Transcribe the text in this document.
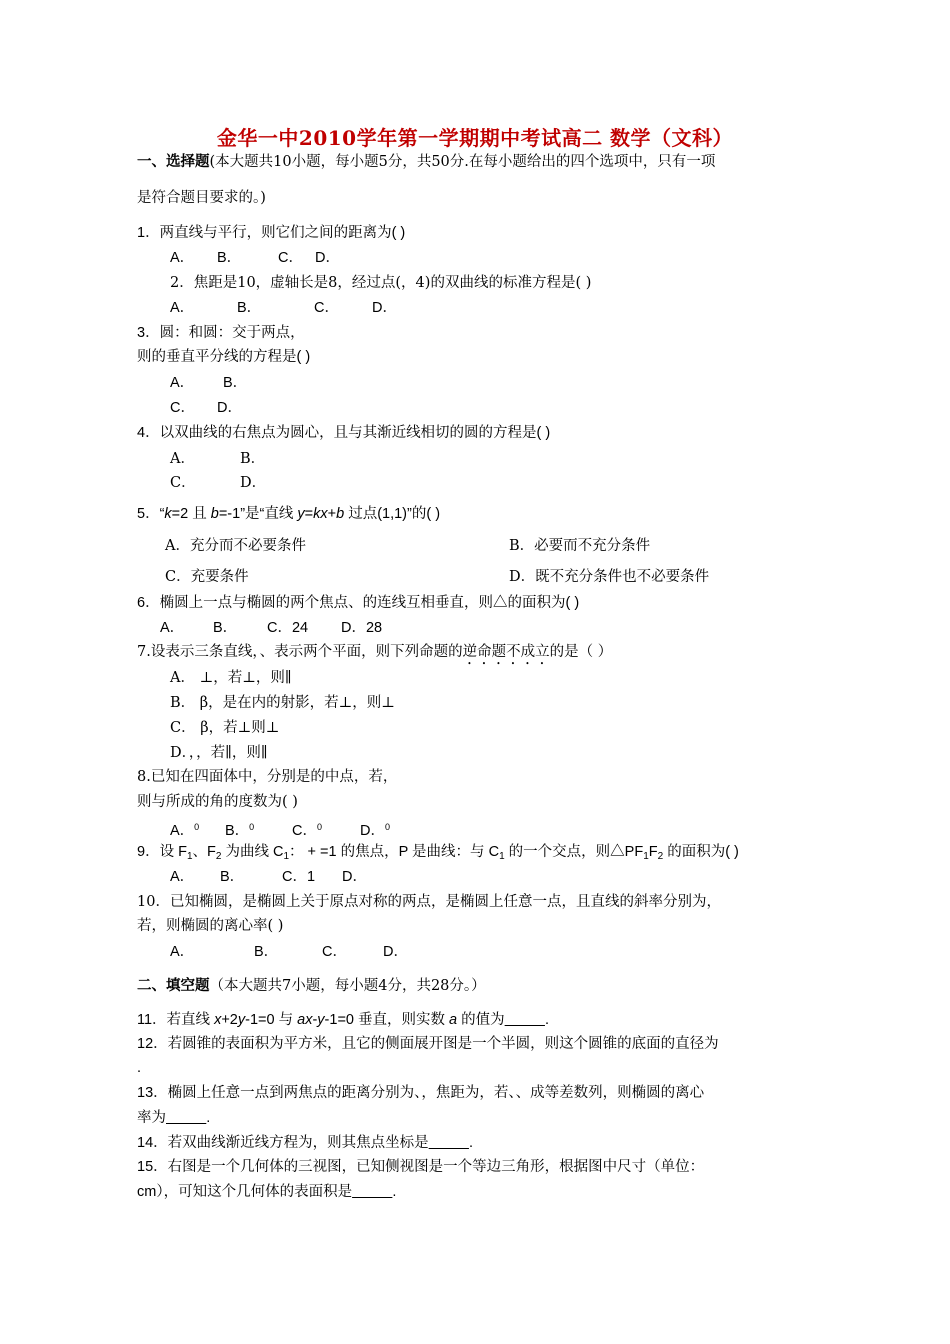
金华一中2010学年第一学期期中考试高二 数学（文科）
一、选择题(本大题共10小题，每小题5分，共50分.在每小题给出的四个选项中，只有一项
是符合题目要求的。)
1．两直线与平行，则它们之间的距离为( )
A． B．	C． D．
2．焦距是10，虚轴长是8，经过点(，4)的双曲线的标准方程是( )
A．	B．	C． D．
3．圆：和圆：交于两点，
则的垂直平分线的方程是( )
A． B．
C． D．
4．以双曲线的右焦点为圆心，且与其渐近线相切的圆的方程是( )
A．	B．
C．	D．
5．“k=2 且 b=-1”是“直线 y=kx+b 过点(1,1)”的( )
A．充分而不必要条件	B．必要而不充分条件
C．充要条件	D．既不充分条件也不必要条件
6．椭圆上一点与椭圆的两个焦点、的连线互相垂直，则△的面积为( )
A． B． C．24 D．28
7.设表示三条直线，、表示两个平面，则下列命题的逆命题不成立的是（ ）
A． ⊥，若⊥，则∥
B． β，是在内的射影，若⊥，则⊥
C． β，若⊥则⊥
D．，，若∥，则∥
8.已知在四面体中，分别是的中点，若，
则与所成的角的度数为( )
A．$^0$ B．$^0$	C．$^0$	D．$^0$
9．设 $F_1$、$F_2$ 为曲线 $C_1$： + =1 的焦点，P 是曲线：与 $C_1$ 的一个交点，则$\triangle PF_1F_2$ 的面积为( )
A． B．	C．1 D．
10．已知椭圆，是椭圆上关于原点对称的两点，是椭圆上任意一点，且直线的斜率分别为，
若，则椭圆的离心率( )
A．	B．	C． D．
二、填空题（本大题共7小题，每小题4分，共28分。）
11．若直线 x+2y-1=0 与 ax-y-1=0 垂直，则实数 a 的值为	.
12．若圆锥的表面积为平方米，且它的侧面展开图是一个半圆，则这个圆锥的底面的直径为
.
13．椭圆上任意一点到两焦点的距离分别为、，焦距为，若、、成等差数列，则椭圆的离心
率为	.
14．若双曲线渐近线方程为，则其焦点坐标是	.
15．右图是一个几何体的三视图，已知侧视图是一个等边三角形，根据图中尺寸（单位：
cm），可知这个几何体的表面积是	.
